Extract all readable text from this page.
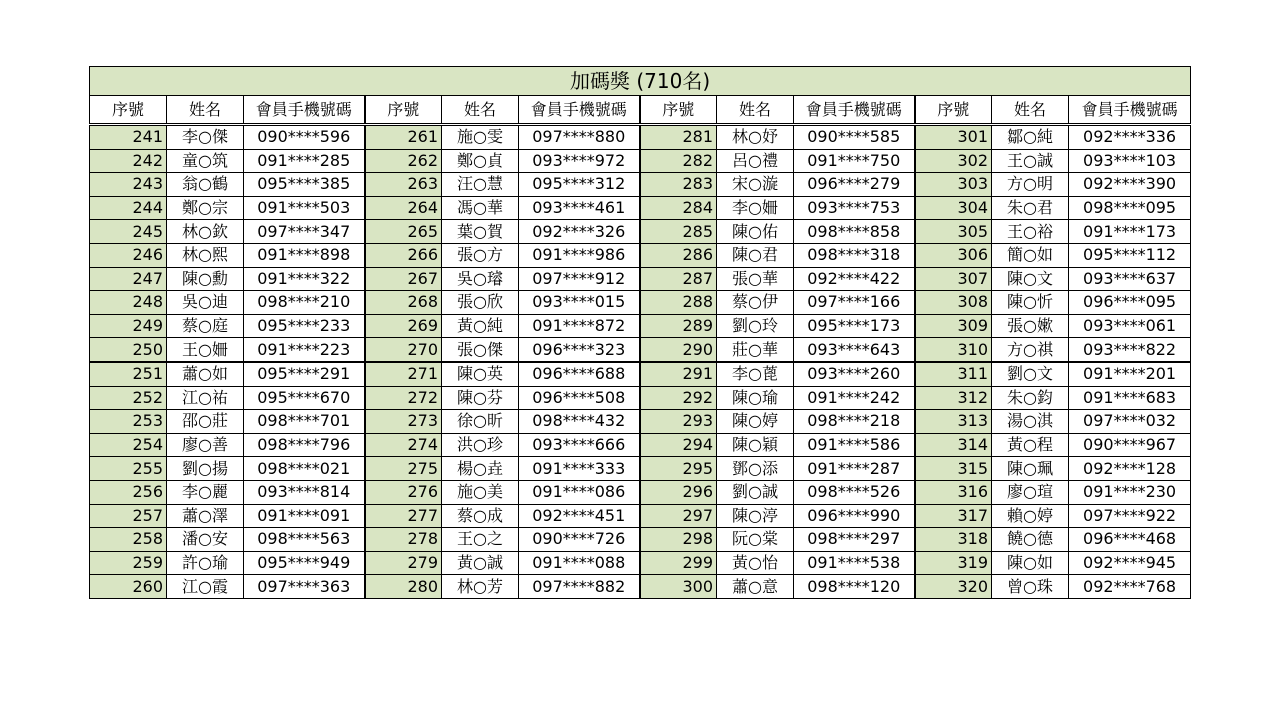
加碼獎 (710名)											
序號	姓名	會員手機號碼	序號	姓名	會員手機號碼	序號	姓名	會員手機號碼	序號	姓名	會員手機號碼
241	李○傑	090****596	261	施○雯	097****880	281	林○妤	090****585	301	鄒○純	092****336
242	童○筑	091****285	262	鄭○貞	093****972	282	呂○禮	091****750	302	王○誠	093****103
243	翁○鶴	095****385	263	汪○慧	095****312	283	宋○漩	096****279	303	方○明	092****390
244	鄭○宗	091****503	264	馮○華	093****461	284	李○姍	093****753	304	朱○君	098****095
245	林○欽	097****347	265	葉○賀	092****326	285	陳○佑	098****858	305	王○裕	091****173
246	林○熙	091****898	266	張○方	091****986	286	陳○君	098****318	306	簡○如	095****112
247	陳○勳	091****322	267	吳○璿	097****912	287	張○華	092****422	307	陳○文	093****637
248	吳○迪	098****210	268	張○欣	093****015	288	蔡○伊	097****166	308	陳○忻	096****095
249	蔡○庭	095****233	269	黃○純	091****872	289	劉○玲	095****173	309	張○嫰	093****061
250	王○姍	091****223	270	張○傑	096****323	290	莊○華	093****643	310	方○祺	093****822
251	蕭○如	095****291	271	陳○英	096****688	291	李○蓖	093****260	311	劉○文	091****201
252	江○祐	095****670	272	陳○芬	096****508	292	陳○瑜	091****242	312	朱○鈞	091****683
253	邵○莊	098****701	273	徐○昕	098****432	293	陳○婷	098****218	313	湯○淇	097****032
254	廖○善	098****796	274	洪○珍	093****666	294	陳○穎	091****586	314	黃○程	090****967
255	劉○揚	098****021	275	楊○垚	091****333	295	鄧○添	091****287	315	陳○珮	092****128
256	李○麗	093****814	276	施○美	091****086	296	劉○誠	098****526	316	廖○瑄	091****230
257	蕭○澤	091****091	277	蔡○成	092****451	297	陳○渟	096****990	317	賴○婷	097****922
258	潘○安	098****563	278	王○之	090****726	298	阮○棠	098****297	318	饒○德	096****468
259	許○瑜	095****949	279	黃○誠	091****088	299	黃○怡	091****538	319	陳○如	092****945
260	江○霞	097****363	280	林○芳	097****882	300	蕭○意	098****120	320	曾○珠	092****768
